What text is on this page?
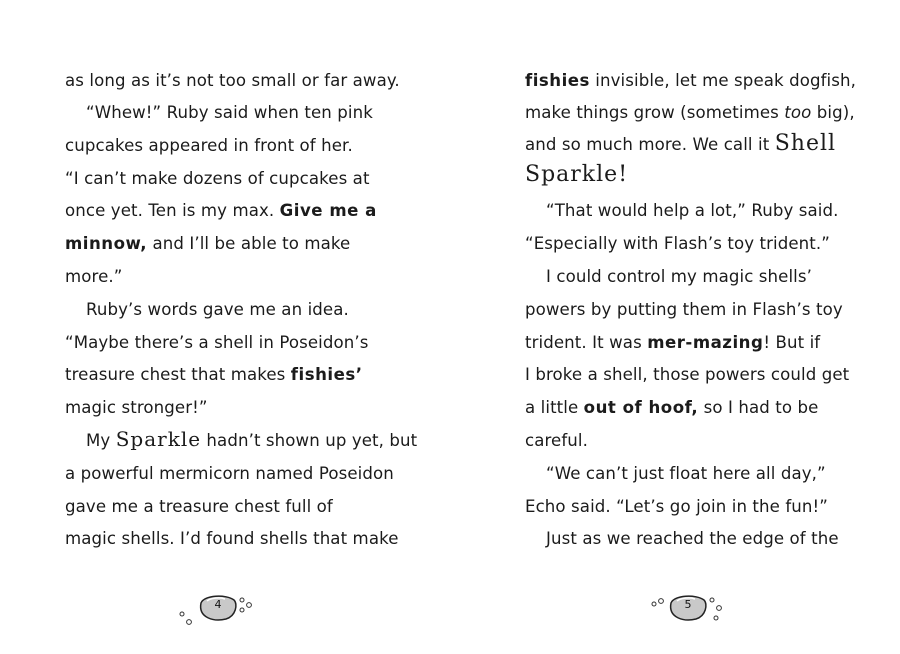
as long as it’s not too small or far away.
“Whew!” Ruby said when ten pink
cupcakes appeared in front of her.
“I can’t make dozens of cupcakes at
once yet. Ten is my max. Give me a
minnow, and I’ll be able to make
more.”
Ruby’s words gave me an idea.
“Maybe there’s a shell in Poseidon’s
treasure chest that makes fishies’
magic stronger!”
My Sparkle hadn’t shown up yet, but
a powerful mermicorn named Poseidon
gave me a treasure chest full of
magic shells. I’d found shells that make
fishies invisible, let me speak dogfish,
make things grow (sometimes too big),
and so much more. We call it Shell
Sparkle!
“That would help a lot,” Ruby said.
“Especially with Flash’s toy trident.”
I could control my magic shells’
powers by putting them in Flash’s toy
trident. It was mer-mazing! But if
I broke a shell, those powers could get
a little out of hoof, so I had to be
careful.
“We can’t just float here all day,”
Echo said. “Let’s go join in the fun!”
Just as we reached the edge of the
4	5
